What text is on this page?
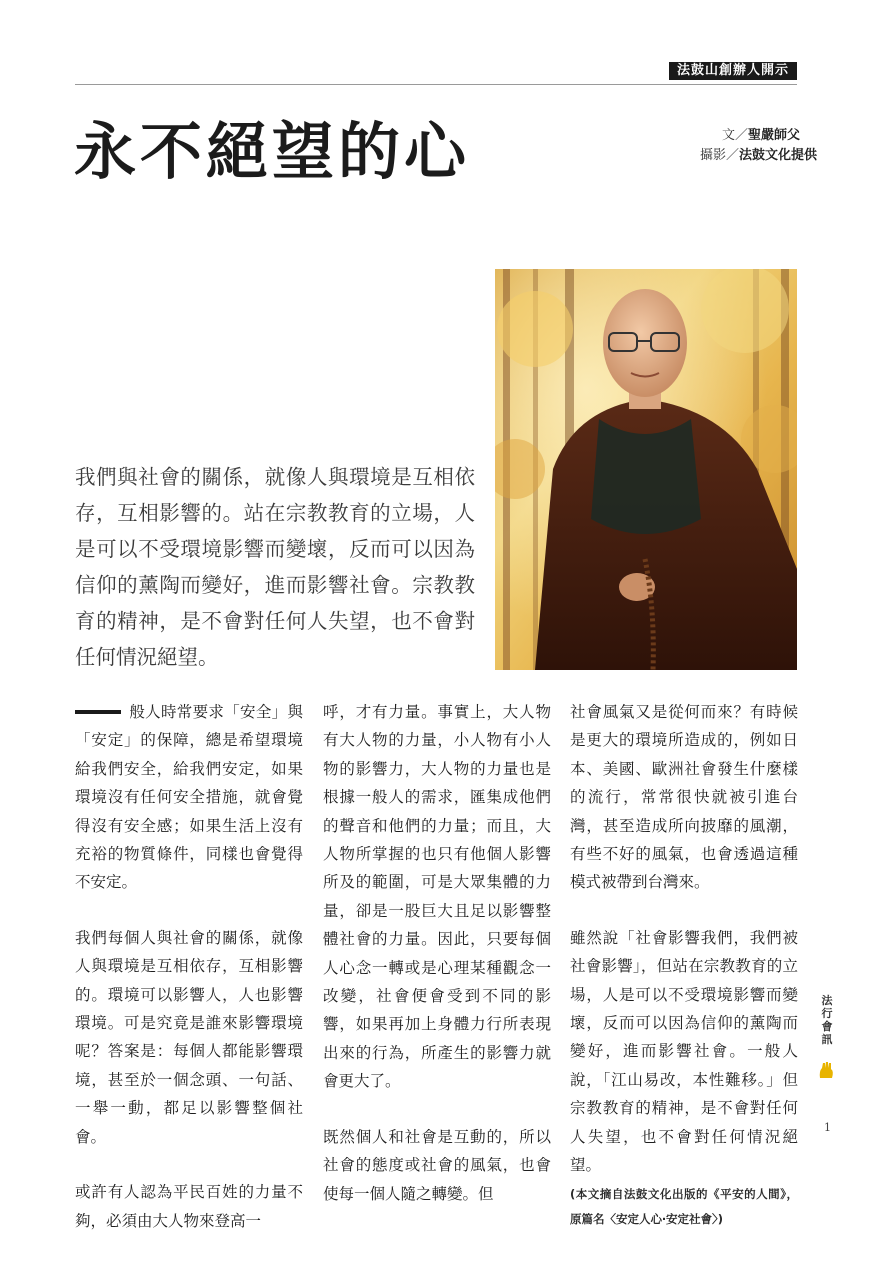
法鼓山創辦人開示
永不絕望的心	文／聖嚴師父
攝影／法鼓文化提供

我們與社會的關係，就像人與環境是互相依存，互相影響的。站在宗教教育的立場，人是可以不受環境影響而變壞，反而可以因為信仰的薰陶而變好，進而影響社會。宗教教育的精神，是不會對任何人失望，也不會對任何情況絕望。

般人時常要求「安全」與「安定」的保障，總是希望環境給我們安全，給我們安定，如果環境沒有任何安全措施，就會覺得沒有安全感；如果生活上沒有充裕的物質條件，同樣也會覺得不安定。

我們每個人與社會的關係，就像人與環境是互相依存，互相影響的。環境可以影響人，人也影響環境。可是究竟是誰來影響環境呢？答案是：每個人都能影響環境，甚至於一個念頭、一句話、一舉一動，都足以影響整個社會。

或許有人認為平民百姓的力量不夠，必須由大人物來登高一

呼，才有力量。事實上，大人物有大人物的力量，小人物有小人物的影響力，大人物的力量也是根據一般人的需求，匯集成他們的聲音和他們的力量；而且，大人物所掌握的也只有他個人影響所及的範圍，可是大眾集體的力量，卻是一股巨大且足以影響整體社會的力量。因此，只要每個人心念一轉或是心理某種觀念一改變，社會便會受到不同的影響，如果再加上身體力行所表現出來的行為，所產生的影響力就會更大了。

既然個人和社會是互動的，所以社會的態度或社會的風氣，也會使每一個人隨之轉變。但

社會風氣又是從何而來？有時候是更大的環境所造成的，例如日本、美國、歐洲社會發生什麼樣的流行，常常很快就被引進台灣，甚至造成所向披靡的風潮，有些不好的風氣，也會透過這種模式被帶到台灣來。

雖然說「社會影響我們，我們被社會影響」，但站在宗教教育的立場，人是可以不受環境影響而變壞，反而可以因為信仰的薰陶而變好，進而影響社會。一般人說，「江山易改，本性難移。」但宗教教育的精神，是不會對任何人失望，也不會對任何情況絕望。

(本文摘自法鼓文化出版的《平安的人間》，原篇名〈安定人心‧安定社會〉)

法行會訊
1
